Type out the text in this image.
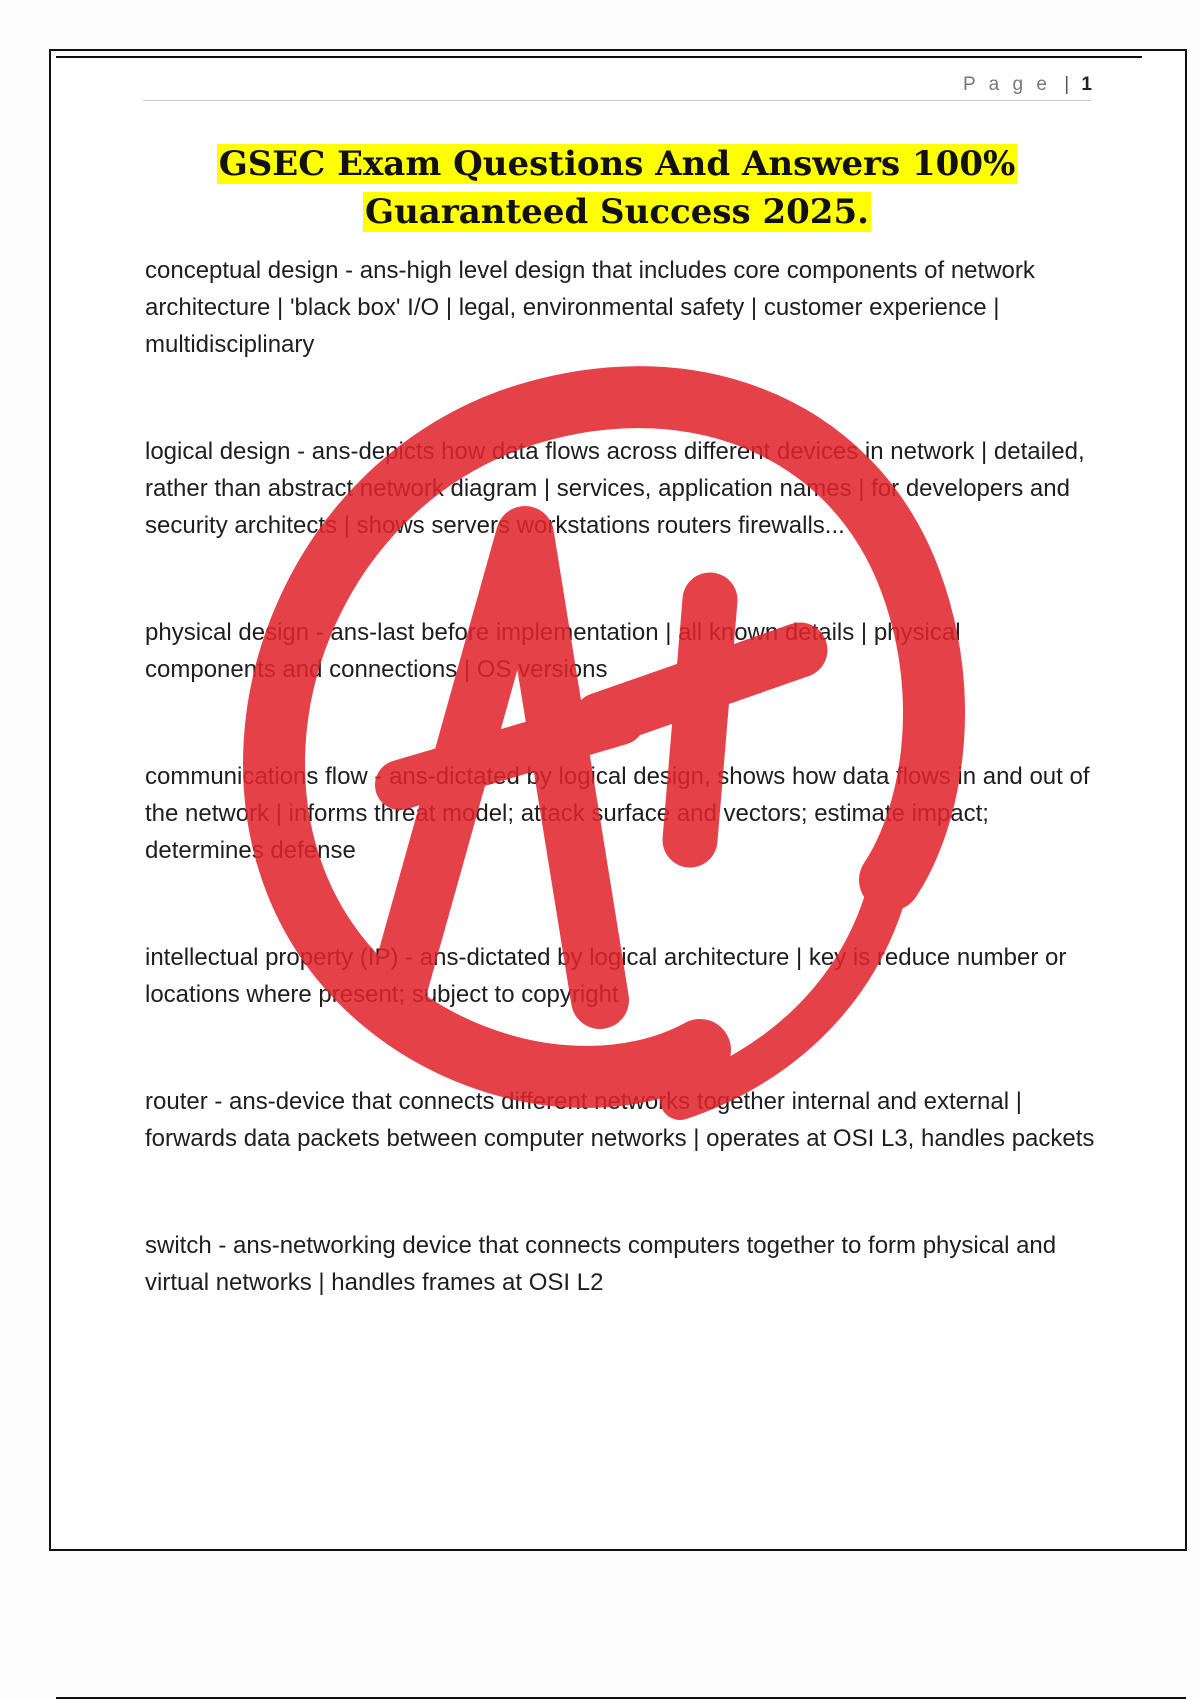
P a g e | 1
GSEC Exam Questions And Answers 100%
Guaranteed Success 2025.

conceptual design - ans-high level design that includes core components of network architecture | 'black box' I/O | legal, environmental safety | customer experience | multidisciplinary

logical design - ans-depicts how data flows across different devices in network | detailed, rather than abstract network diagram | services, application names | for developers and security architects | shows servers workstations routers firewalls...

physical design - ans-last before implementation | all known details | physical components and connections | OS versions

communications flow - ans-dictated by logical design, shows how data flows in and out of the network | informs threat model; attack surface and vectors; estimate impact; determines defense

intellectual property (IP) - ans-dictated by logical architecture | key is reduce number or locations where present; subject to copyright

router - ans-device that connects different networks together internal and external | forwards data packets between computer networks | operates at OSI L3, handles packets

switch - ans-networking device that connects computers together to form physical and virtual networks | handles frames at OSI L2
